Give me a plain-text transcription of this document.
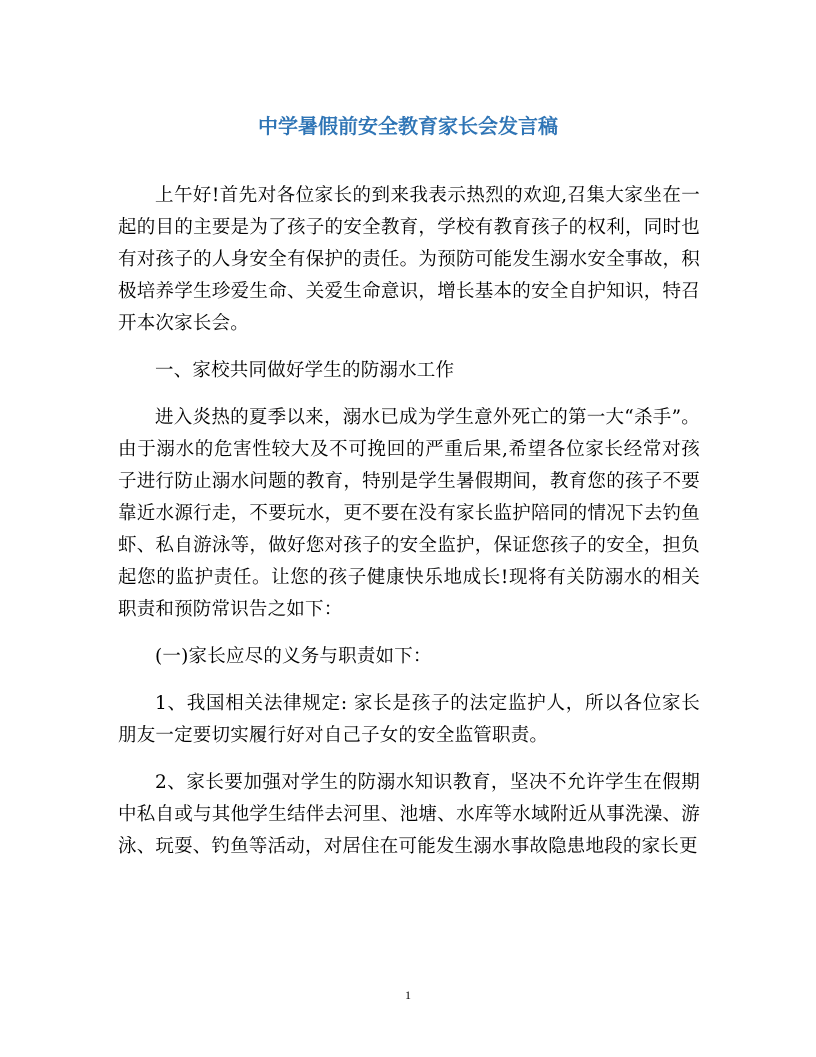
中学暑假前安全教育家长会发言稿

上午好!首先对各位家长的到来我表示热烈的欢迎,召集大家坐在一起的目的主要是为了孩子的安全教育，学校有教育孩子的权利，同时也有对孩子的人身安全有保护的责任。为预防可能发生溺水安全事故，积极培养学生珍爱生命、关爱生命意识，增长基本的安全自护知识，特召开本次家长会。

一、家校共同做好学生的防溺水工作

进入炎热的夏季以来，溺水已成为学生意外死亡的第一大“杀手”。由于溺水的危害性较大及不可挽回的严重后果,希望各位家长经常对孩子进行防止溺水问题的教育，特别是学生暑假期间，教育您的孩子不要靠近水源行走，不要玩水，更不要在没有家长监护陪同的情况下去钓鱼虾、私自游泳等，做好您对孩子的安全监护，保证您孩子的安全，担负起您的监护责任。让您的孩子健康快乐地成长!现将有关防溺水的相关职责和预防常识告之如下：

(一)家长应尽的义务与职责如下：

1、我国相关法律规定: 家长是孩子的法定监护人，所以各位家长朋友一定要切实履行好对自己子女的安全监管职责。

2、家长要加强对学生的防溺水知识教育，坚决不允许学生在假期中私自或与其他学生结伴去河里、池塘、水库等水域附近从事洗澡、游泳、玩耍、钓鱼等活动，对居住在可能发生溺水事故隐患地段的家长更

1
